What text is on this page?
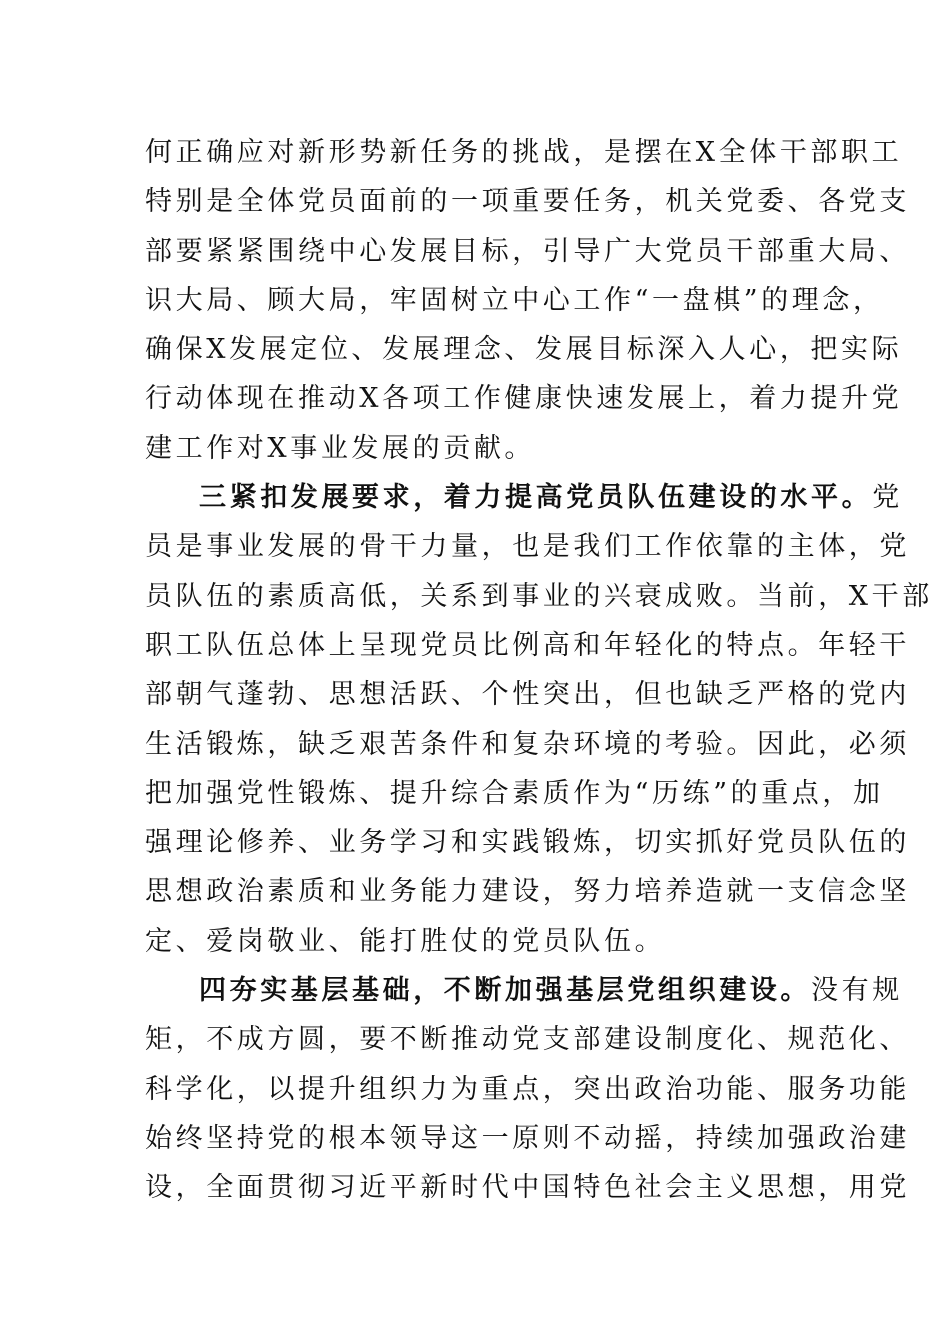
何正确应对新形势新任务的挑战，是摆在X全体干部职工
特别是全体党员面前的一项重要任务，机关党委、各党支
部要紧紧围绕中心发展目标，引导广大党员干部重大局、
识大局、顾大局，牢固树立中心工作“一盘棋”的理念，
确保X发展定位、发展理念、发展目标深入人心，把实际
行动体现在推动X各项工作健康快速发展上，着力提升党
建工作对X事业发展的贡献。
三紧扣发展要求，着力提高党员队伍建设的水平。党
员是事业发展的骨干力量，也是我们工作依靠的主体，党
员队伍的素质高低，关系到事业的兴衰成败。当前，X干部
职工队伍总体上呈现党员比例高和年轻化的特点。年轻干
部朝气蓬勃、思想活跃、个性突出，但也缺乏严格的党内
生活锻炼，缺乏艰苦条件和复杂环境的考验。因此，必须
把加强党性锻炼、提升综合素质作为“历练”的重点，加
强理论修养、业务学习和实践锻炼，切实抓好党员队伍的
思想政治素质和业务能力建设，努力培养造就一支信念坚
定、爱岗敬业、能打胜仗的党员队伍。
四夯实基层基础，不断加强基层党组织建设。没有规
矩，不成方圆，要不断推动党支部建设制度化、规范化、
科学化，以提升组织力为重点，突出政治功能、服务功能
始终坚持党的根本领导这一原则不动摇，持续加强政治建
设，全面贯彻习近平新时代中国特色社会主义思想，用党
